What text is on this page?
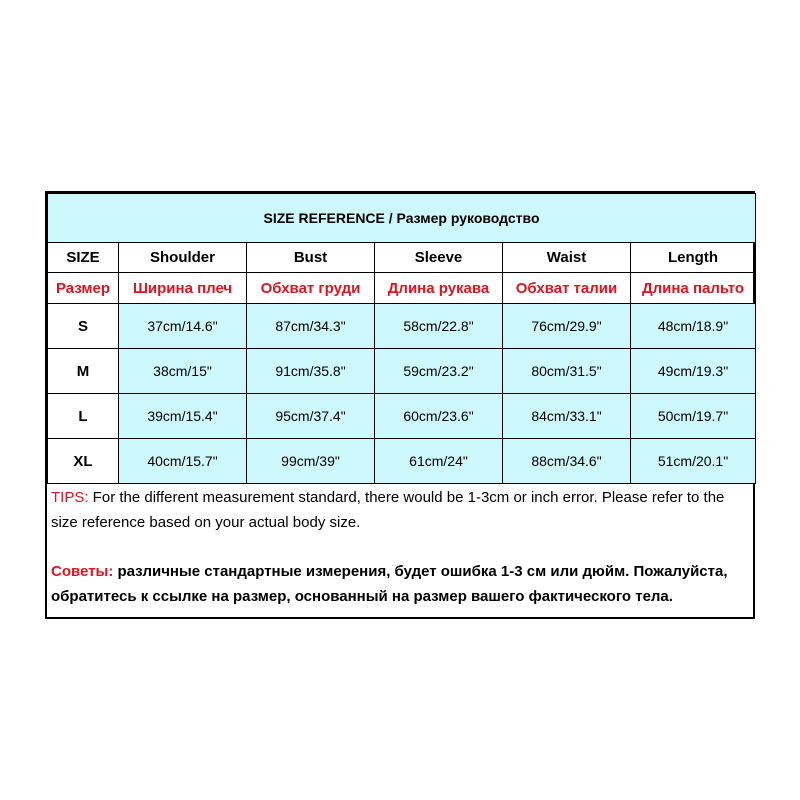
SIZE REFERENCE / Размер руководство					
SIZE	Shoulder	Bust	Sleeve	Waist	Length
Размер	Ширина плеч	Обхват груди	Длина рукава	Обхват талии	Длина пальто
S	37cm/14.6"	87cm/34.3"	58cm/22.8"	76cm/29.9"	48cm/18.9"
M	38cm/15"	91cm/35.8"	59cm/23.2"	80cm/31.5"	49cm/19.3"
L	39cm/15.4"	95cm/37.4"	60cm/23.6"	84cm/33.1"	50cm/19.7"
XL	40cm/15.7"	99cm/39"	61cm/24"	88cm/34.6"	51cm/20.1"
TIPS: For the different measurement standard, there would be 1-3cm or inch error. Please refer to the size reference based on your actual body size.
Советы: различные стандартные измерения, будет ошибка 1-3 см или дюйм. Пожалуйста, обратитесь к ссылке на размер, основанный на размер вашего фактического тела.
